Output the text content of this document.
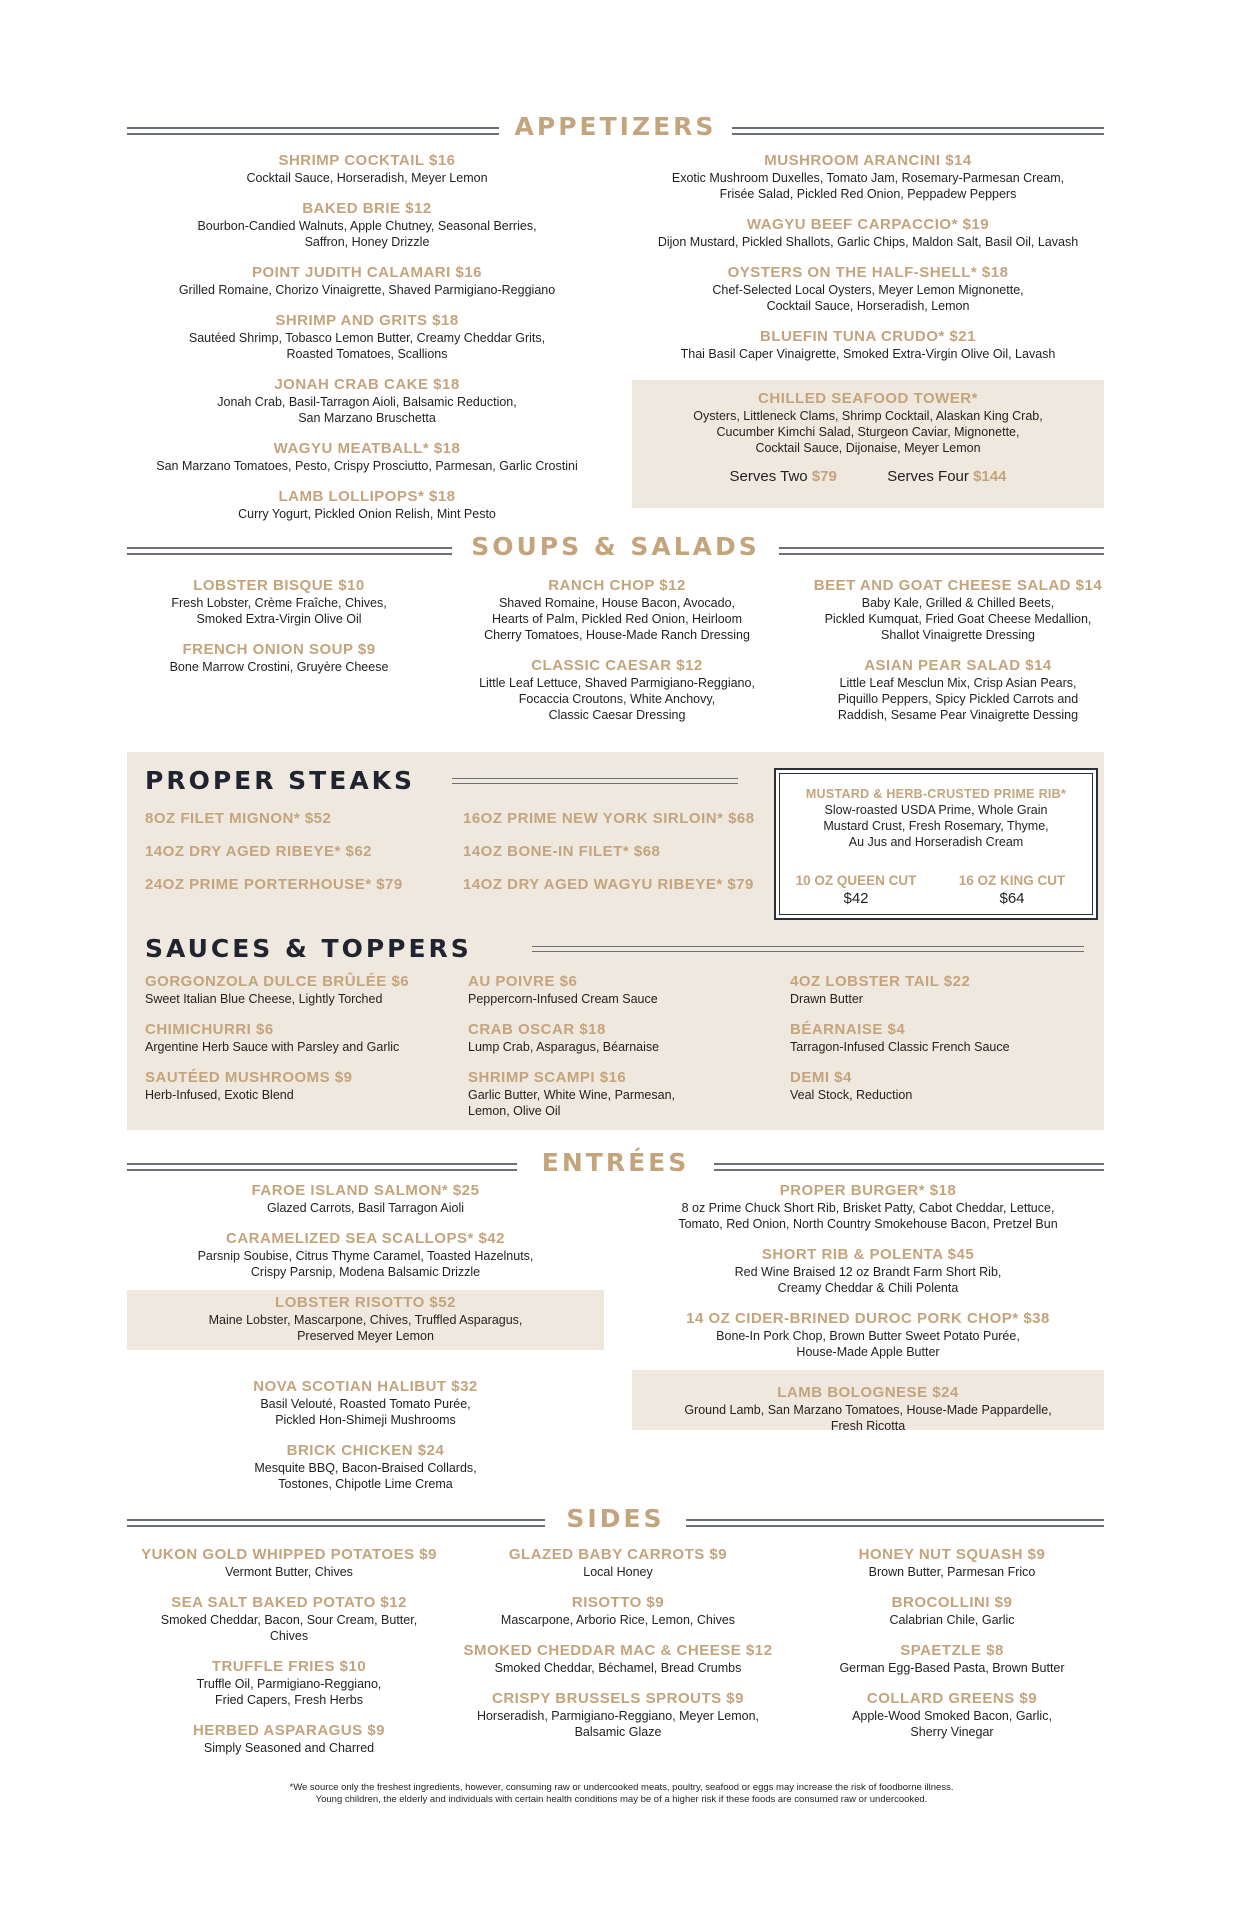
APPETIZERS
SHRIMP COCKTAIL $16
Cocktail Sauce, Horseradish, Meyer Lemon
BAKED BRIE $12
Bourbon-Candied Walnuts, Apple Chutney, Seasonal Berries,
Saffron, Honey Drizzle
POINT JUDITH CALAMARI $16
Grilled Romaine, Chorizo Vinaigrette, Shaved Parmigiano-Reggiano
SHRIMP AND GRITS $18
Sautéed Shrimp, Tobasco Lemon Butter, Creamy Cheddar Grits,
Roasted Tomatoes, Scallions
JONAH CRAB CAKE $18
Jonah Crab, Basil-Tarragon Aioli, Balsamic Reduction,
San Marzano Bruschetta
WAGYU MEATBALL* $18
San Marzano Tomatoes, Pesto, Crispy Prosciutto, Parmesan, Garlic Crostini
LAMB LOLLIPOPS* $18
Curry Yogurt, Pickled Onion Relish, Mint Pesto
MUSHROOM ARANCINI $14
Exotic Mushroom Duxelles, Tomato Jam, Rosemary-Parmesan Cream,
Frisée Salad, Pickled Red Onion, Peppadew Peppers
WAGYU BEEF CARPACCIO* $19
Dijon Mustard, Pickled Shallots, Garlic Chips, Maldon Salt, Basil Oil, Lavash
OYSTERS ON THE HALF-SHELL* $18
Chef-Selected Local Oysters, Meyer Lemon Mignonette,
Cocktail Sauce, Horseradish, Lemon
BLUEFIN TUNA CRUDO* $21
Thai Basil Caper Vinaigrette, Smoked Extra-Virgin Olive Oil, Lavash
CHILLED SEAFOOD TOWER*
Oysters, Littleneck Clams, Shrimp Cocktail, Alaskan King Crab,
Cucumber Kimchi Salad, Sturgeon Caviar, Mignonette,
Cocktail Sauce, Dijonaise, Meyer Lemon
Serves Two $79	Serves Four $144
SOUPS & SALADS
LOBSTER BISQUE $10
Fresh Lobster, Crème Fraîche, Chives,
Smoked Extra-Virgin Olive Oil
FRENCH ONION SOUP $9
Bone Marrow Crostini, Gruyère Cheese
RANCH CHOP $12
Shaved Romaine, House Bacon, Avocado,
Hearts of Palm, Pickled Red Onion, Heirloom
Cherry Tomatoes, House-Made Ranch Dressing
CLASSIC CAESAR $12
Little Leaf Lettuce, Shaved Parmigiano-Reggiano,
Focaccia Croutons, White Anchovy,
Classic Caesar Dressing
BEET AND GOAT CHEESE SALAD $14
Baby Kale, Grilled & Chilled Beets,
Pickled Kumquat, Fried Goat Cheese Medallion,
Shallot Vinaigrette Dressing
ASIAN PEAR SALAD $14
Little Leaf Mesclun Mix, Crisp Asian Pears,
Piquillo Peppers, Spicy Pickled Carrots and
Raddish, Sesame Pear Vinaigrette Dessing
PROPER STEAKS
8OZ FILET MIGNON* $52
14OZ DRY AGED RIBEYE* $62
24OZ PRIME PORTERHOUSE* $79
16OZ PRIME NEW YORK SIRLOIN* $68
14OZ BONE-IN FILET* $68
14OZ DRY AGED WAGYU RIBEYE* $79
MUSTARD & HERB-CRUSTED PRIME RIB*
Slow-roasted USDA Prime, Whole Grain
Mustard Crust, Fresh Rosemary, Thyme,
Au Jus and Horseradish Cream
10 OZ QUEEN CUT
$42
16 OZ KING CUT
$64
SAUCES & TOPPERS
GORGONZOLA DULCE BRÛLÉE $6
Sweet Italian Blue Cheese, Lightly Torched
CHIMICHURRI $6
Argentine Herb Sauce with Parsley and Garlic
SAUTÉED MUSHROOMS $9
Herb-Infused, Exotic Blend
AU POIVRE $6
Peppercorn-Infused Cream Sauce
CRAB OSCAR $18
Lump Crab, Asparagus, Béarnaise
SHRIMP SCAMPI $16
Garlic Butter, White Wine, Parmesan,
Lemon, Olive Oil
4OZ LOBSTER TAIL $22
Drawn Butter
BÉARNAISE $4
Tarragon-Infused Classic French Sauce
DEMI $4
Veal Stock, Reduction
ENTRÉES
FAROE ISLAND SALMON* $25
Glazed Carrots, Basil Tarragon Aioli
CARAMELIZED SEA SCALLOPS* $42
Parsnip Soubise, Citrus Thyme Caramel, Toasted Hazelnuts,
Crispy Parsnip, Modena Balsamic Drizzle
LOBSTER RISOTTO $52
Maine Lobster, Mascarpone, Chives, Truffled Asparagus,
Preserved Meyer Lemon
NOVA SCOTIAN HALIBUT $32
Basil Velouté, Roasted Tomato Purée,
Pickled Hon-Shimeji Mushrooms
BRICK CHICKEN $24
Mesquite BBQ, Bacon-Braised Collards,
Tostones, Chipotle Lime Crema
PROPER BURGER* $18
8 oz Prime Chuck Short Rib, Brisket Patty, Cabot Cheddar, Lettuce,
Tomato, Red Onion, North Country Smokehouse Bacon, Pretzel Bun
SHORT RIB & POLENTA $45
Red Wine Braised 12 oz Brandt Farm Short Rib,
Creamy Cheddar & Chili Polenta
14 OZ CIDER-BRINED DUROC PORK CHOP* $38
Bone-In Pork Chop, Brown Butter Sweet Potato Purée,
House-Made Apple Butter
LAMB BOLOGNESE $24
Ground Lamb, San Marzano Tomatoes, House-Made Pappardelle,
Fresh Ricotta
SIDES
YUKON GOLD WHIPPED POTATOES $9
Vermont Butter, Chives
SEA SALT BAKED POTATO $12
Smoked Cheddar, Bacon, Sour Cream, Butter,
Chives
TRUFFLE FRIES $10
Truffle Oil, Parmigiano-Reggiano,
Fried Capers, Fresh Herbs
HERBED ASPARAGUS $9
Simply Seasoned and Charred
GLAZED BABY CARROTS $9
Local Honey
RISOTTO $9
Mascarpone, Arborio Rice, Lemon, Chives
SMOKED CHEDDAR MAC & CHEESE $12
Smoked Cheddar, Béchamel, Bread Crumbs
CRISPY BRUSSELS SPROUTS $9
Horseradish, Parmigiano-Reggiano, Meyer Lemon,
Balsamic Glaze
HONEY NUT SQUASH $9
Brown Butter, Parmesan Frico
BROCOLLINI $9
Calabrian Chile, Garlic
SPAETZLE $8
German Egg-Based Pasta, Brown Butter
COLLARD GREENS $9
Apple-Wood Smoked Bacon, Garlic,
Sherry Vinegar
*We source only the freshest ingredients, however, consuming raw or undercooked meats, poultry, seafood or eggs may increase the risk of foodborne illness.
Young children, the elderly and individuals with certain health conditions may be of a higher risk if these foods are consumed raw or undercooked.
